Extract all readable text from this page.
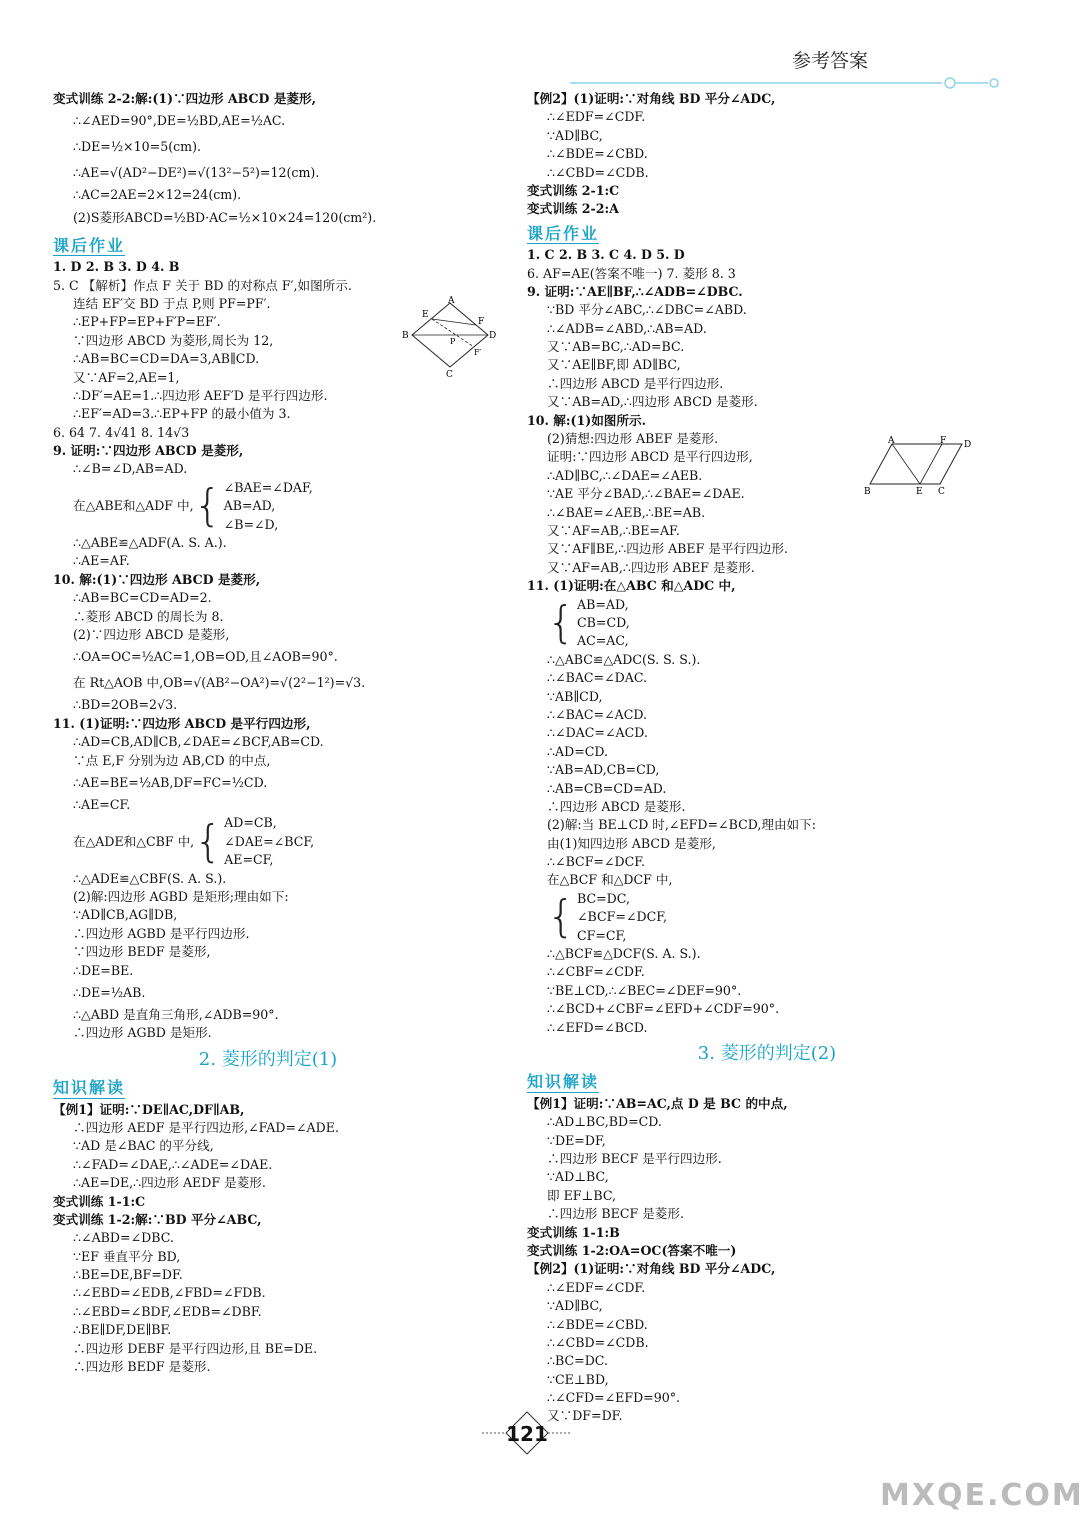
参考答案
变式训练 2-2:解:(1)∵四边形 ABCD 是菱形,
∴∠AED=90°,DE=½BD,AE=½AC.
∴DE=½×10=5(cm).
∴AE=√(AD²−DE²)=√(13²−5²)=12(cm).
∴AC=2AE=2×12=24(cm).
(2)S菱形ABCD=½BD·AC=½×10×24=120(cm²).
课后作业
1. D 2. B 3. D 4. B
5. C 【解析】作点 F 关于 BD 的对称点 F′,如图所示.
连结 EF′交 BD 于点 P,则 PF=PF′.
∴EP+FP=EP+F′P=EF′.
∵四边形 ABCD 为菱形,周长为 12,
∴AB=BC=CD=DA=3,AB∥CD.
又∵AF=2,AE=1,
∴DF′=AE=1.∴四边形 AEF′D 是平行四边形.
∴EF′=AD=3.∴EP+FP 的最小值为 3.
6. 64 7. 4√41 8. 14√3
9. 证明:∵四边形 ABCD 是菱形,
∴∠B=∠D,AB=AD.
在△ABE和△ADF 中, { ∠BAE=∠DAF,
AB=AD,
∠B=∠D,
∴△ABE≌△ADF(A. S. A.).
∴AE=AF.
10. 解:(1)∵四边形 ABCD 是菱形,
∴AB=BC=CD=AD=2.
∴菱形 ABCD 的周长为 8.
(2)∵四边形 ABCD 是菱形,
∴OA=OC=½AC=1,OB=OD,且∠AOB=90°.
在 Rt△AOB 中,OB=√(AB²−OA²)=√(2²−1²)=√3.
∴BD=2OB=2√3.
11. (1)证明:∵四边形 ABCD 是平行四边形,
∴AD=CB,AD∥CB,∠DAE=∠BCF,AB=CD.
∵点 E,F 分别为边 AB,CD 的中点,
∴AE=BE=½AB,DF=FC=½CD.
∴AE=CF.
在△ADE和△CBF 中, { AD=CB,
∠DAE=∠BCF,
AE=CF,
∴△ADE≌△CBF(S. A. S.).
(2)解:四边形 AGBD 是矩形;理由如下:
∵AD∥CB,AG∥DB,
∴四边形 AGBD 是平行四边形.
∵四边形 BEDF 是菱形,
∴DE=BE.
∴DE=½AB.
∴△ABD 是直角三角形,∠ADB=90°.
∴四边形 AGBD 是矩形.
2. 菱形的判定(1)
知识解读
【例1】证明:∵DE∥AC,DF∥AB,
∴四边形 AEDF 是平行四边形,∠FAD=∠ADE.
∵AD 是∠BAC 的平分线,
∴∠FAD=∠DAE,∴∠ADE=∠DAE.
∴AE=DE,∴四边形 AEDF 是菱形.
变式训练 1-1:C
变式训练 1-2:解:∵BD 平分∠ABC,
∴∠ABD=∠DBC.
∵EF 垂直平分 BD,
∴BE=DE,BF=DF.
∴∠EBD=∠EDB,∠FBD=∠FDB.
∴∠EBD=∠BDF,∠EDB=∠DBF.
∴BE∥DF,DE∥BF.
∴四边形 DEBF 是平行四边形,且 BE=DE.
∴四边形 BEDF 是菱形.
A
E
F
B	D
P
F′
C
【例2】(1)证明:∵对角线 BD 平分∠ADC,
∴∠EDF=∠CDF.
∵AD∥BC,
∴∠BDE=∠CBD.
∴∠CBD=∠CDB.
变式训练 2-1:C
变式训练 2-2:A
课后作业
1. C 2. B 3. C 4. D 5. D
6. AF=AE(答案不唯一) 7. 菱形 8. 3
9. 证明:∵AE∥BF,∴∠ADB=∠DBC.
∵BD 平分∠ABC,∴∠DBC=∠ABD.
∴∠ADB=∠ABD,∴AB=AD.
又∵AB=BC,∴AD=BC.
又∵AE∥BF,即 AD∥BC,
∴四边形 ABCD 是平行四边形.
又∵AB=AD,∴四边形 ABCD 是菱形.
10. 解:(1)如图所示.
(2)猜想:四边形 ABEF 是菱形.
证明:∵四边形 ABCD 是平行四边形,
∴AD∥BC,∴∠DAE=∠AEB.
∵AE 平分∠BAD,∴∠BAE=∠DAE.
∴∠BAE=∠AEB,∴BE=AB.
又∵AF=AB,∴BE=AF.
又∵AF∥BE,∴四边形 ABEF 是平行四边形.
又∵AF=AB,∴四边形 ABEF 是菱形.
11. (1)证明:在△ABC 和△ADC 中,
{ AB=AD,
CB=CD,
AC=AC,
∴△ABC≌△ADC(S. S. S.).
∴∠BAC=∠DAC.
∵AB∥CD,
∴∠BAC=∠ACD.
∴∠DAC=∠ACD.
∴AD=CD.
∵AB=AD,CB=CD,
∴AB=CB=CD=AD.
∴四边形 ABCD 是菱形.
(2)解:当 BE⊥CD 时,∠EFD=∠BCD,理由如下:
由(1)知四边形 ABCD 是菱形,
∴∠BCF=∠DCF.
在△BCF 和△DCF 中,
{ BC=DC,
∠BCF=∠DCF,
CF=CF,
∴△BCF≌△DCF(S. A. S.).
∴∠CBF=∠CDF.
∵BE⊥CD,∴∠BEC=∠DEF=90°.
∴∠BCD+∠CBF=∠EFD+∠CDF=90°.
∴∠EFD=∠BCD.
3. 菱形的判定(2)
知识解读
【例1】证明:∵AB=AC,点 D 是 BC 的中点,
∴AD⊥BC,BD=CD.
∵DE=DF,
∴四边形 BECF 是平行四边形.
∵AD⊥BC,
即 EF⊥BC,
∴四边形 BECF 是菱形.
变式训练 1-1:B
变式训练 1-2:OA=OC(答案不唯一)
【例2】(1)证明:∵对角线 BD 平分∠ADC,
∴∠EDF=∠CDF.
∵AD∥BC,
∴∠BDE=∠CBD.
∴∠CBD=∠CDB.
∴BC=DC.
∵CE⊥BD,
∴∠CFD=∠EFD=90°.
又∵DF=DF.
A	F D
B	E C
121
MXQE.COM
